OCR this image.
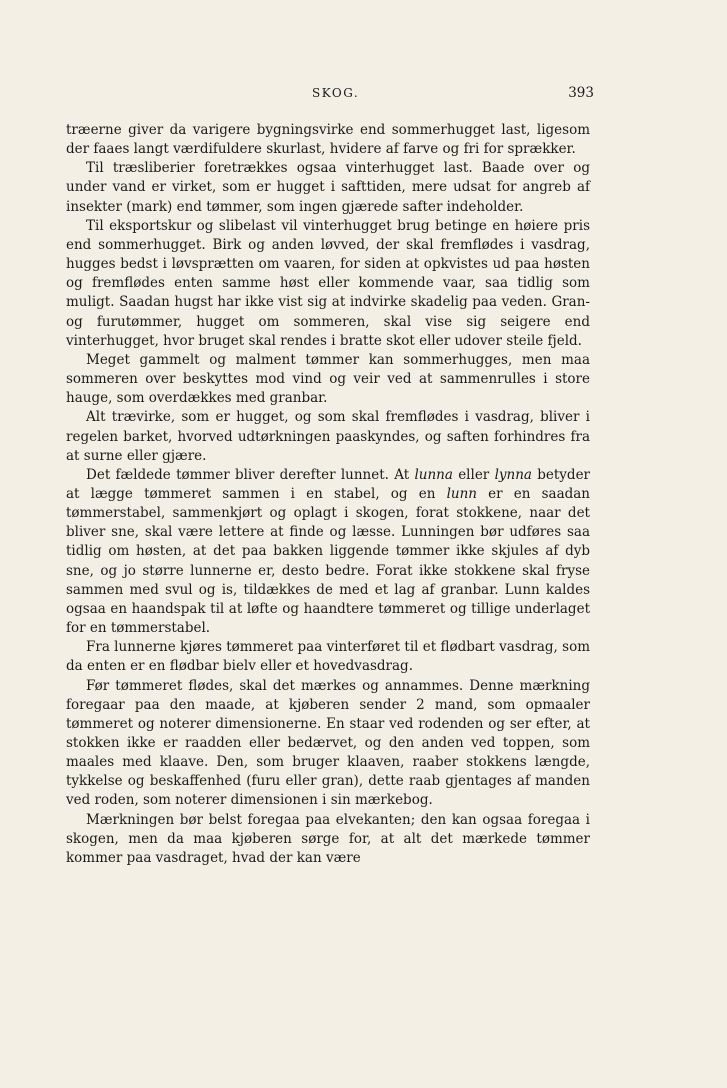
SKOG.	393

træerne giver da varigere bygningsvirke end sommerhugget last, ligesom der faaes langt værdifuldere skurlast, hvidere af farve og fri for sprækker.

Til træsliberier foretrækkes ogsaa vinterhugget last. Baade over og under vand er virket, som er hugget i safttiden, mere udsat for angreb af insekter (mark) end tømmer, som ingen gjærede safter indeholder.

Til eksportskur og slibelast vil vinterhugget brug betinge en høiere pris end sommerhugget. Birk og anden løvved, der skal fremflødes i vasdrag, hugges bedst i løvsprætten om vaaren, for siden at opkvistes ud paa høsten og fremflødes enten samme høst eller kommende vaar, saa tidlig som muligt. Saadan hugst har ikke vist sig at indvirke skadelig paa veden. Gran- og furutømmer, hugget om sommeren, skal vise sig seigere end vinterhugget, hvor bruget skal rendes i bratte skot eller udover steile fjeld.

Meget gammelt og malment tømmer kan sommerhugges, men maa sommeren over beskyttes mod vind og veir ved at sammenrulles i store hauge, som overdækkes med granbar.

Alt trævirke, som er hugget, og som skal fremflødes i vasdrag, bliver i regelen barket, hvorved udtørkningen paaskyndes, og saften forhindres fra at surne eller gjære.

Det fældede tømmer bliver derefter lunnet. At lunna eller lynna betyder at lægge tømmeret sammen i en stabel, og en lunn er en saadan tømmerstabel, sammenkjørt og oplagt i skogen, forat stokkene, naar det bliver sne, skal være lettere at finde og læsse. Lunningen bør udføres saa tidlig om høsten, at det paa bakken liggende tømmer ikke skjules af dyb sne, og jo større lunnerne er, desto bedre. Forat ikke stokkene skal fryse sammen med svul og is, tildækkes de med et lag af granbar. Lunn kaldes ogsaa en haandspak til at løfte og haandtere tømmeret og tillige underlaget for en tømmerstabel.

Fra lunnerne kjøres tømmeret paa vinterføret til et flødbart vasdrag, som da enten er en flødbar bielv eller et hovedvasdrag.

Før tømmeret flødes, skal det mærkes og annammes. Denne mærkning foregaar paa den maade, at kjøberen sender 2 mand, som opmaaler tømmeret og noterer dimensionerne. En staar ved rodenden og ser efter, at stokken ikke er raadden eller bedærvet, og den anden ved toppen, som maales med klaave. Den, som bruger klaaven, raaber stokkens længde, tykkelse og beskaffenhed (furu eller gran), dette raab gjentages af manden ved roden, som noterer dimensionen i sin mærkebog.

Mærkningen bør belst foregaa paa elvekanten; den kan ogsaa foregaa i skogen, men da maa kjøberen sørge for, at alt det mærkede tømmer kommer paa vasdraget, hvad der kan være
